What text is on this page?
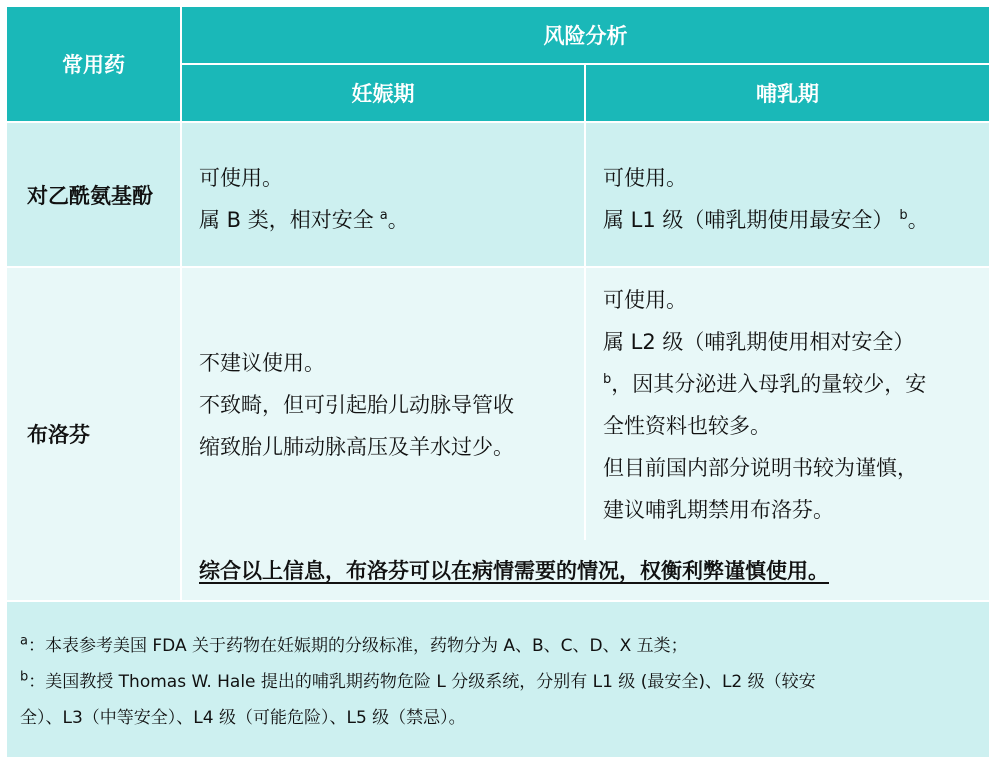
常用药
风险分析
妊娠期	哺乳期
对乙酰氨基酚
可使用。
属 B 类，相对安全 $^a$。
可使用。
属 L1 级（哺乳期使用最安全） $^b$。
布洛芬
不建议使用。
不致畸，但可引起胎儿动脉导管收
缩致胎儿肺动脉高压及羊水过少。
可使用。
属 L2 级（哺乳期使用相对安全）
$^b$，因其分泌进入母乳的量较少，安
全性资料也较多。
但目前国内部分说明书较为谨慎，
建议哺乳期禁用布洛芬。
综合以上信息，布洛芬可以在病情需要的情况，权衡利弊谨慎使用。
$^a$：本表参考美国 FDA 关于药物在妊娠期的分级标准，药物分为 A、B、C、D、X 五类；
$^b$：美国教授 Thomas W. Hale 提出的哺乳期药物危险 L 分级系统，分别有 L1 级 (最安全)、L2 级（较安
全）、L3（中等安全）、L4 级（可能危险）、L5 级（禁忌）。
